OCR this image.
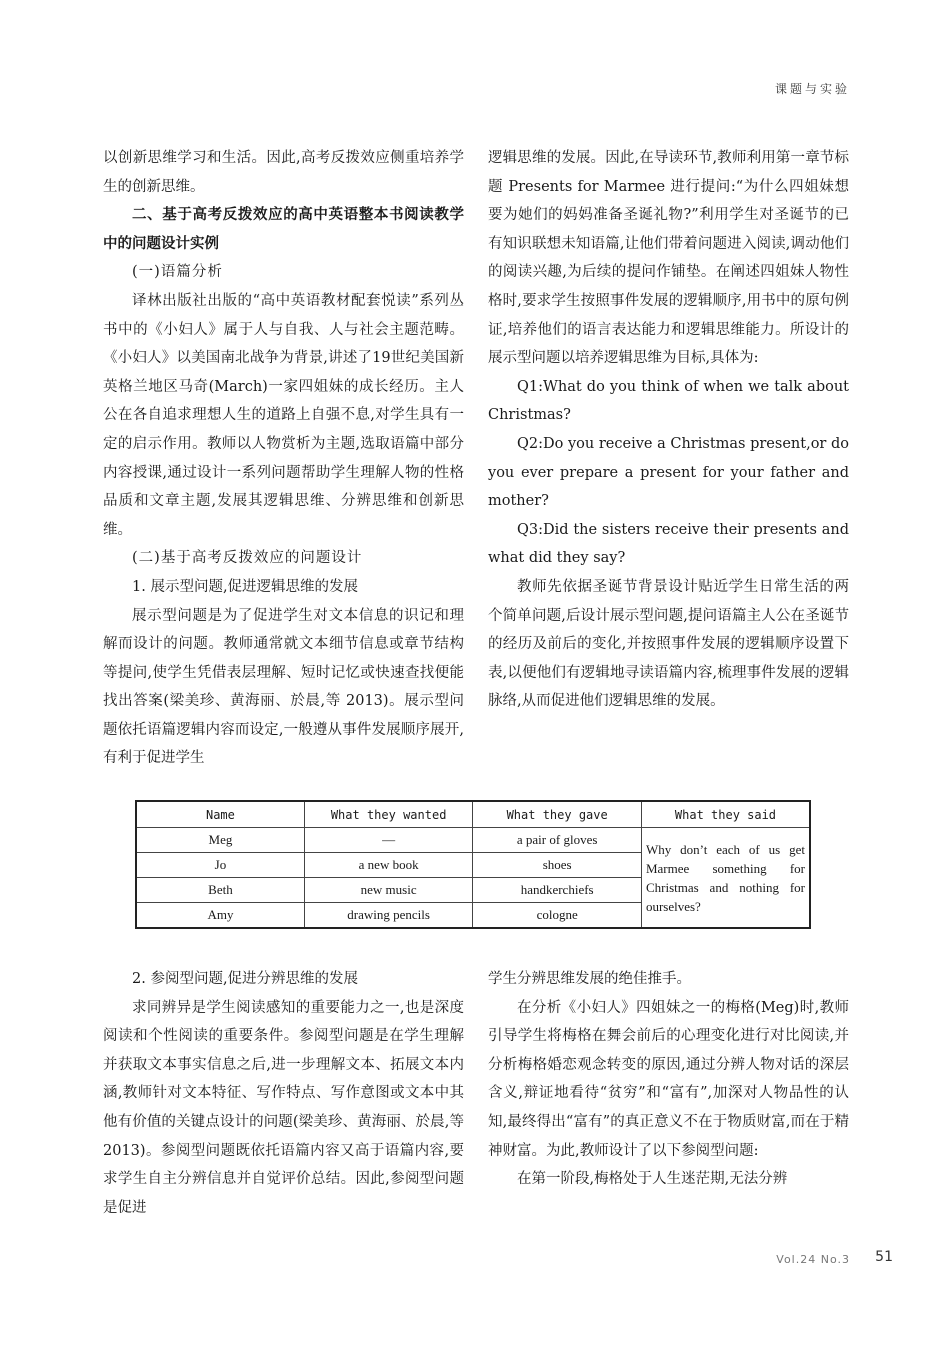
课题与实验

以创新思维学习和生活。因此,高考反拨效应侧重培养学生的创新思维。

二、基于高考反拨效应的高中英语整本书阅读教学中的问题设计实例

(一)语篇分析

译林出版社出版的“高中英语教材配套悦读”系列丛书中的《小妇人》属于人与自我、人与社会主题范畴。《小妇人》以美国南北战争为背景,讲述了19世纪美国新英格兰地区马奇(March)一家四姐妹的成长经历。主人公在各自追求理想人生的道路上自强不息,对学生具有一定的启示作用。教师以人物赏析为主题,选取语篇中部分内容授课,通过设计一系列问题帮助学生理解人物的性格品质和文章主题,发展其逻辑思维、分辨思维和创新思维。

(二)基于高考反拨效应的问题设计

1. 展示型问题,促进逻辑思维的发展

展示型问题是为了促进学生对文本信息的识记和理解而设计的问题。教师通常就文本细节信息或章节结构等提问,使学生凭借表层理解、短时记忆或快速查找便能找出答案(梁美珍、黄海丽、於晨,等 2013)。展示型问题依托语篇逻辑内容而设定,一般遵从事件发展顺序展开,有利于促进学生

逻辑思维的发展。因此,在导读环节,教师利用第一章节标题 Presents for Marmee 进行提问:“为什么四姐妹想要为她们的妈妈准备圣诞礼物?”利用学生对圣诞节的已有知识联想未知语篇,让他们带着问题进入阅读,调动他们的阅读兴趣,为后续的提问作铺垫。在阐述四姐妹人物性格时,要求学生按照事件发展的逻辑顺序,用书中的原句例证,培养他们的语言表达能力和逻辑思维能力。所设计的展示型问题以培养逻辑思维为目标,具体为:

Q1:What do you think of when we talk about Christmas?

Q2:Do you receive a Christmas present,or do you ever prepare a present for your father and mother?

Q3:Did the sisters receive their presents and what did they say?

教师先依据圣诞节背景设计贴近学生日常生活的两个简单问题,后设计展示型问题,提问语篇主人公在圣诞节的经历及前后的变化,并按照事件发展的逻辑顺序设置下表,以便他们有逻辑地寻读语篇内容,梳理事件发展的逻辑脉络,从而促进他们逻辑思维的发展。

Name	What they wanted	What they gave	What they said
Meg	—	a pair of gloves	Why don’t each of us get Marmee something for Christmas and nothing for ourselves?
Jo	a new book	shoes	
Beth	new music	handkerchiefs	
Amy	drawing pencils	cologne	

2. 参阅型问题,促进分辨思维的发展

求同辨异是学生阅读感知的重要能力之一,也是深度阅读和个性阅读的重要条件。参阅型问题是在学生理解并获取文本事实信息之后,进一步理解文本、拓展文本内涵,教师针对文本特征、写作特点、写作意图或文本中其他有价值的关键点设计的问题(梁美珍、黄海丽、於晨,等 2013)。参阅型问题既依托语篇内容又高于语篇内容,要求学生自主分辨信息并自觉评价总结。因此,参阅型问题是促进

学生分辨思维发展的绝佳推手。

在分析《小妇人》四姐妹之一的梅格(Meg)时,教师引导学生将梅格在舞会前后的心理变化进行对比阅读,并分析梅格婚恋观念转变的原因,通过分辨人物对话的深层含义,辩证地看待“贫穷”和“富有”,加深对人物品性的认知,最终得出“富有”的真正意义不在于物质财富,而在于精神财富。为此,教师设计了以下参阅型问题:

在第一阶段,梅格处于人生迷茫期,无法分辨

Vol.24 No.3 51
